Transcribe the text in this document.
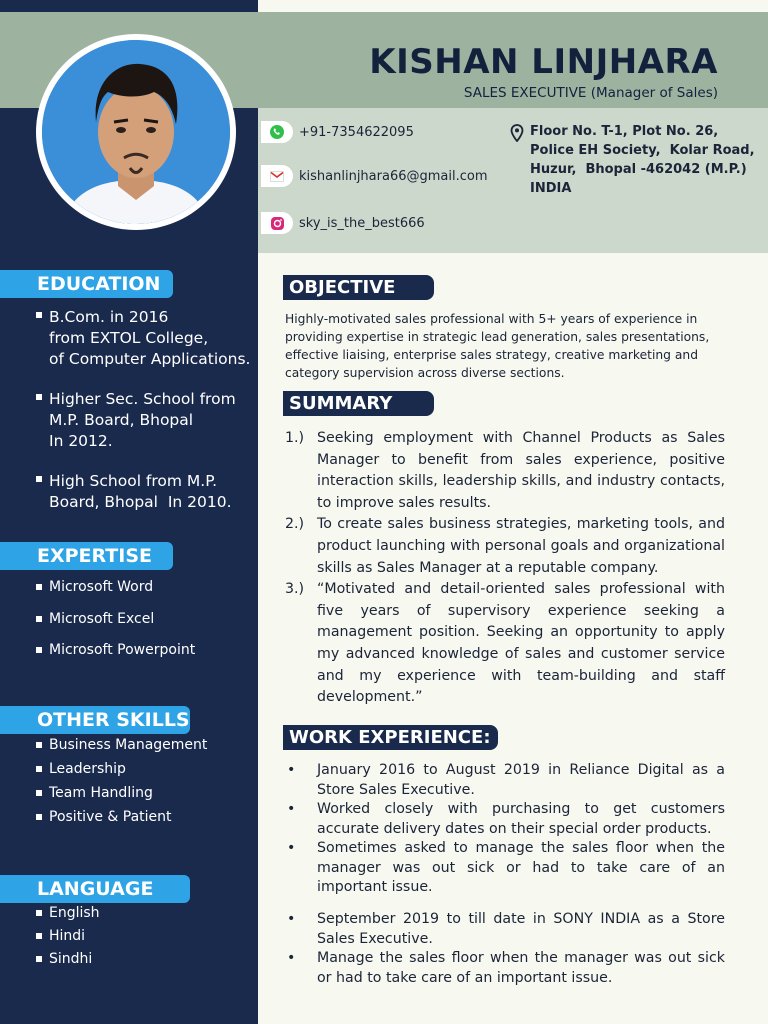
KISHAN LINJHARA
SALES EXECUTIVE (Manager of Sales)
+91-7354622095
kishanlinjhara66@gmail.com
sky_is_the_best666
Floor No. T-1, Plot No. 26,
Police EH Society,  Kolar Road,
Huzur,  Bhopal -462042 (M.P.)
INDIA
EDUCATION
B.Com. in 2016
from EXTOL College,
of Computer Applications.
Higher Sec. School from
M.P. Board, Bhopal
In 2012.
High School from M.P.
Board, Bhopal  In 2010.
EXPERTISE
Microsoft Word
Microsoft Excel
Microsoft Powerpoint
OTHER SKILLS
Business Management
Leadership
Team Handling
Positive & Patient
LANGUAGE
English
Hindi
Sindhi
OBJECTIVE
Highly-motivated sales professional with 5+ years of experience in providing expertise in strategic lead generation, sales presentations, effective liaising, enterprise sales strategy, creative marketing and category supervision across diverse sections.
SUMMARY
1.) Seeking employment with Channel Products as Sales Manager to benefit from sales experience, positive interaction skills, leadership skills, and industry contacts, to improve sales results.
2.) To create sales business strategies, marketing tools, and product launching with personal goals and organizational skills as Sales Manager at a reputable company.
3.) “Motivated and detail-oriented sales professional with five years of supervisory experience seeking a management position. Seeking an opportunity to apply my advanced knowledge of sales and customer service and my experience with team-building and staff development.”
WORK EXPERIENCE:
•
January 2016 to August 2019 in Reliance Digital as a Store Sales Executive.
•
Worked closely with purchasing to get customers accurate delivery dates on their special order products.
•
Sometimes asked to manage the sales floor when the manager was out sick or had to take care of an important issue.
•
September 2019 to till date in SONY INDIA as a Store Sales Executive.
•
Manage the sales floor when the manager was out sick or had to take care of an important issue.
